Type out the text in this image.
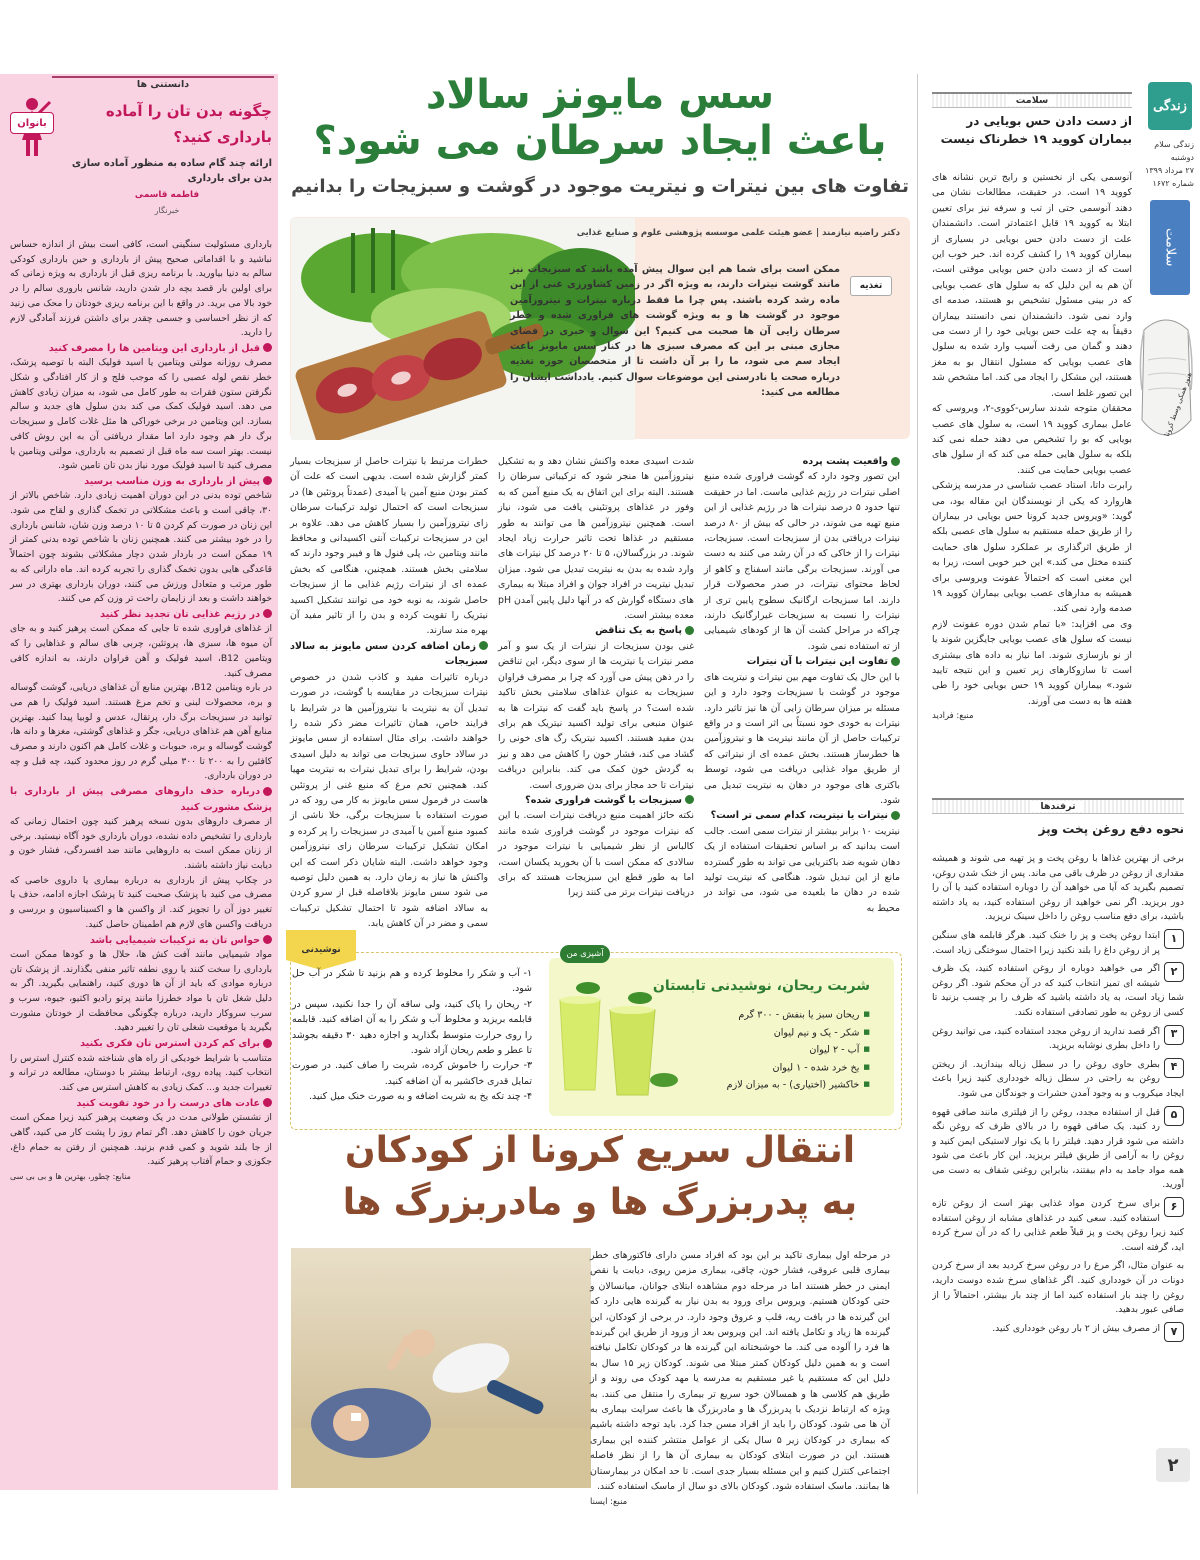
زندگی
زندگی سلام
دوشنبه
۲۷ مرداد ۱۳۹۹
شماره ۱۶۷۲
سلامت
هنوز همکی وسط کرونا
۲
سلامت
از دست دادن حس بویایی در بیماران کووید ۱۹ خطرناک نیست

آنوسمی یکی از نخستین و رایج ترین نشانه های کووید ۱۹ است. در حقیقت، مطالعات نشان می دهند آنوسمی حتی از تب و سرفه نیز برای تعیین ابتلا به کووید ۱۹ قابل اعتمادتر است. دانشمندان علت از دست دادن حس بویایی در بسیاری از بیماران کووید ۱۹ را کشف کرده اند. خبر خوب این است که از دست دادن حس بویایی موقتی است، آن هم به این دلیل که به سلول های عصب بویایی که در بینی مسئول تشخیص بو هستند، صدمه ای وارد نمی شود. دانشمندان نمی دانستند بیماران دقیقاً به چه علت حس بویایی خود را از دست می دهند و گمان می رفت آسیب وارد شده به سلول های عصب بویایی که مسئول انتقال بو به مغز هستند، این مشکل را ایجاد می کند. اما مشخص شد این تصور غلط است.

محققان متوجه شدند سارس-کووی-۲، ویروسی که عامل بیماری کووید ۱۹ است، به سلول های عصب بویایی که بو را تشخیص می دهند حمله نمی کند بلکه به سلول هایی حمله می کند که از سلول های عصب بویایی حمایت می کنند.

رابرت داتا، استاد عصب شناسی در مدرسه پزشکی هاروارد که یکی از نویسندگان این مقاله بود، می گوید: «ویروس جدید کرونا حس بویایی در بیماران را از طریق حمله مستقیم به سلول های عصبی بلکه از طریق اثرگذاری بر عملکرد سلول های حمایت کننده مختل می کند.» این خبر خوبی است، زیرا به این معنی است که احتمالاً عفونت ویروسی برای همیشه به مدارهای عصب بویایی بیماران کووید ۱۹ صدمه وارد نمی کند.

وی می افزاید: «با تمام شدن دوره عفونت لازم نیست که سلول های عصب بویایی جایگزین شوند یا از نو بازسازی شوند. اما نیاز به داده های بیشتری است تا سازوکارهای زیر تعیین و این نتیجه تایید شود.» بیماران کووید ۱۹ حس بویایی خود را طی هفته ها به دست می آورند.

منبع: فرادید

ترفندها
نحوه دفع روغن پخت وپز

برخی از بهترین غذاها با روغن پخت و پز تهیه می شوند و همیشه مقداری از روغن در ظرف باقی می ماند. پس از خنک شدن روغن، تصمیم بگیرید که آیا می خواهید آن را دوباره استفاده کنید یا آن را دور بریزید. اگر نمی خواهید از روغن استفاده کنید، به یاد داشته باشید، برای دفع مناسب روغن را داخل سینک نریزید.

۱
ابتدا روغن پخت و پز را خنک کنید. هرگز قابلمه های سنگین پر از روغن داغ را بلند نکنید زیرا احتمال سوختگی زیاد است.
۲
اگر می خواهید دوباره از روغن استفاده کنید، یک ظرف شیشه ای تمیز انتخاب کنید که در آن محکم شود. اگر روغن شما زیاد است، به یاد داشته باشید که ظرف را بر چسب بزنید تا کسی از روغن به طور تصادفی استفاده نکند.
۳
اگر قصد ندارید از روغن مجدد استفاده کنید، می توانید روغن را داخل بطری نوشابه بریزید.
۴
بطری حاوی روغن را در سطل زباله بیندازید. از ریختن روغن به راحتی در سطل زباله خودداری کنید زیرا باعث ایجاد میکروب و به وجود آمدن حشرات و جوندگان می شود.
۵
قبل از استفاده مجدد، روغن را از فیلتری مانند صافی قهوه رد کنید. یک صافی قهوه را در بالای ظرف که روغن نگه داشته می شود قرار دهید. فیلتر را با یک نوار لاستیکی ایمن کنید و روغن را به آرامی از طریق فیلتر بریزید. این کار باعث می شود همه مواد جامد به دام بیفتند، بنابراین روغنی شفاف به دست می آورید.
۶
برای سرخ کردن مواد غذایی بهتر است از روغن تازه استفاده کنید. سعی کنید در غذاهای مشابه از روغن استفاده کنید زیرا روغن پخت و پز قبلاً طعم غذایی را که در آن سرخ کرده اید، گرفته است.
به عنوان مثال، اگر مرغ را در روغن سرخ کردید بعد از سرخ کردن دونات در آن خودداری کنید. اگر غذاهای سرخ شده دوست دارید، روغن را چند بار استفاده کنید اما از چند بار بیشتر، احتمالاً را از صافی عبور بدهید.
۷
از مصرف بیش از ۲ بار روغن خودداری کنید.
سس مایونز سالاد
باعث ایجاد سرطان می شود؟
تفاوت های بین نیترات و نیتریت موجود در گوشت و سبزیجات را بدانیم
دکتر راضیه نیازمند | عضو هیئت علمی موسسه پژوهشی علوم و صنایع غذایی
تغذیه
ممکن است برای شما هم این سوال پیش آمده باشد که سبزیجات نیز مانند گوشت نیترات دارند، به ویژه اگر در زمین کشاورزی غنی از این ماده رشد کرده باشند. پس چرا ما فقط درباره نیترات و نیتروزآمین موجود در گوشت ها و به ویژه گوشت های فراوری شده و خطر سرطان زایی آن ها صحبت می کنیم؟ این سوال و خبری در فضای مجازی مبنی بر این که مصرف سبزی ها در کنار سس مایونز باعث ایجاد سم می شود، ما را بر آن داشت تا از متخصصان حوزه تغذیه درباره صحت یا نادرستی این موضوعات سوال کنیم. یادداشت ایشان را مطالعه می کنید:
واقعیت پشت پرده

این تصور وجود دارد که گوشت فراوری شده منبع اصلی نیترات در رژیم غذایی ماست. اما در حقیقت تنها حدود ۵ درصد نیترات ها در رژیم غذایی از این منبع تهیه می شوند، در حالی که بیش از ۸۰ درصد نیترات دریافتی بدن از سبزیجات است. سبزیجات، نیترات را از خاکی که در آن رشد می کنند به دست می آورند. سبزیجات برگی مانند اسفناج و کاهو از لحاظ محتوای نیترات، در صدر محصولات قرار دارند. اما سبزیجات ارگانیک سطوح پایین تری از نیترات را نسبت به سبزیجات غیرارگانیک دارند، چراکه در مراحل کشت آن ها از کودهای شیمیایی از ته استفاده نمی شود.

تفاوت این نیترات با آن نیترات

با این حال یک تفاوت مهم بین نیترات و نیتریت های موجود در گوشت با سبزیجات وجود دارد و این مسئله بر میزان سرطان زایی آن ها نیز تاثیر دارد. نیترات به خودی خود نسبتاً بی اثر است و در واقع ترکیبات حاصل از آن مانند نیتریت ها و نیتروزآمین ها خطرساز هستند. بخش عمده ای از نیتراتی که از طریق مواد غذایی دریافت می شود، توسط باکتری های موجود در دهان به نیتریت تبدیل می شود.

نیترات یا نیتریت، کدام سمی تر است؟

نیتریت ۱۰ برابر بیشتر از نیترات سمی است. جالب است بدانید که بر اساس تحقیقات استفاده از یک دهان شویه ضد باکتریایی می تواند به طور گسترده مانع از این تبدیل شود. هنگامی که نیتریت تولید شده در دهان ما بلعیده می شود، می تواند در محیط به

شدت اسیدی معده واکنش نشان دهد و به تشکیل نیتروزآمین ها منجر شود که ترکیباتی سرطان زا هستند. البته برای این اتفاق به یک منبع آمین که به وفور در غذاهای پروتئینی یافت می شود، نیاز است. همچنین نیتروزآمین ها می توانند به طور مستقیم در غذاها تحت تاثیر حرارت زیاد ایجاد شوند. در بزرگسالان، ۵ تا ۲۰ درصد کل نیترات های وارد شده به بدن به نیتریت تبدیل می شود. میزان تبدیل نیتریت در افراد جوان و افراد مبتلا به بیماری های دستگاه گوارش که در آنها دلیل پایین آمدن pH معده بیشتر است.

پاسخ به یک تناقض

غنی بودن سبزیجات از نیترات از یک سو و آمر مصر نیترات یا نیتریت ها از سوی دیگر، این تناقض را در ذهن پیش می آورد که چرا بر مصرف فراوان سبزیجات به عنوان غذاهای سلامتی بخش تاکید شده است؟ در پاسخ باید گفت که نیترات ها به عنوان منبعی برای تولید اکسید نیتریک هم برای بدن مفید هستند. اکسید نیتریک رگ های خونی را گشاد می کند، فشار خون را کاهش می دهد و نیز به گردش خون کمک می کند. بنابراین دریافت نیترات تا حد مجاز برای بدن ضروری است.

سبزیجات یا گوشت فراوری شده؟

نکته حائز اهمیت منبع دریافت نیترات است. با این که نیترات موجود در گوشت فراوری شده مانند کالباس از نظر شیمیایی با نیترات موجود در سالادی که ممکن است با آن بخورید یکسان است، اما به طور قطع این سبزیجات هستند که برای دریافت نیترات برتر می کنند زیرا

خطرات مرتبط با نیترات حاصل از سبزیجات بسیار کمتر گزارش شده است. بدیهی است که علت آن کمتر بودن منبع آمین یا آمیدی (عمدتاً پروتئین ها) در سبزیجات است که احتمال تولید ترکیبات سرطان زای نیتروزآمین را بسیار کاهش می دهد. علاوه بر این در سبزیجات ترکیبات آنتی اکسیدانی و محافظ مانند ویتامین ث، پلی فنول ها و فیبر وجود دارند که سلامتی بخش هستند. همچنین، هنگامی که بخش عمده ای از نیترات رژیم غذایی ما از سبزیجات حاصل شوند، به نوبه خود می توانند تشکیل اکسید نیتریک را تقویت کرده و بدن را از تاثیر مفید آن بهره مند سازند.

زمان اضافه کردن سس مایونز به سالاد سبزیجات

درباره تاثیرات مفید و کاذب شدن در خصوص نیترات سبزیجات در مقایسه با گوشت، در صورت تبدیل آن به نیتریت با نیتروزآمین ها در شرایط با فرایند خاص، همان تاثیرات مضر ذکر شده را خواهند داشت. برای مثال استفاده از سس مایونز در سالاد حاوی سبزیجات می تواند به دلیل اسیدی بودن، شرایط را برای تبدیل نیترات به نیتریت مهیا کند. همچنین تخم مرغ که منبع غنی از پروتئین هاست در فرمول سس مایونز به کار می رود که در صورت استفاده با سبزیجات برگی، خلا ناشی از کمبود منبع آمین یا آمیدی در سبزیجات را پر کرده و امکان تشکیل ترکیبات سرطان زای نیتروزآمین وجود خواهد داشت. البته شایان ذکر است که این واکنش ها نیاز به زمان دارد. به همین دلیل توصیه می شود سس مایونز بلافاصله قبل از سرو کردن به سالاد اضافه شود تا احتمال تشکیل ترکیبات سمی و مضر در آن کاهش یابد.

نوشیدنی	آشپزی من
شربت ریحان، نوشیدنی تابستان
■ ریحان سبز یا بنفش - ۳۰۰ گرم
■ شکر - یک و نیم لیوان
■ آب - ۲ لیوان
■ یخ خرد شده - ۱ لیوان
■ خاکشیر (اختیاری) - به میزان لازم

۱- آب و شکر را مخلوط کرده و هم بزنید تا شکر در آب حل شود.

۲- ریحان را پاک کنید، ولی ساقه آن را جدا نکنید، سپس در قابلمه بریزید و مخلوط آب و شکر را به آن اضافه کنید. قابلمه را روی حرارت متوسط بگذارید و اجازه دهید ۳۰ دقیقه بجوشد تا عطر و طعم ریحان آزاد شود.

۳- حرارت را خاموش کرده، شربت را صاف کنید. در صورت تمایل قدری خاکشیر به آن اضافه کنید.

۴- چند تکه یخ به شربت اضافه و به صورت خنک میل کنید.

انتقال سریع کرونا از کودکان
به پدربزرگ ها و مادربزرگ ها

در مرحله اول بیماری تاکید بر این بود که افراد مسن دارای فاکتورهای خطر بیماری قلبی عروقی، فشار خون، چاقی، بیماری مزمن ریوی، دیابت یا نقص ایمنی در خطر هستند اما در مرحله دوم مشاهده ابتلای جوانان، میانسالان و حتی کودکان هستیم. ویروس برای ورود به بدن نیاز به گیرنده هایی دارد که این گیرنده ها در بافت ریه، قلب و عروق وجود دارد. در برخی از کودکان، این گیرنده ها زیاد و تکامل یافته اند. این ویروس بعد از ورود از طریق این گیرنده ها فرد را آلوده می کند. ما خوشبختانه این گیرنده ها در کودکان تکامل نیافته است و به همین دلیل کودکان کمتر مبتلا می شوند. کودکان زیر ۱۵ سال به دلیل این که مستقیم یا غیر مستقیم به مدرسه یا مهد کودک می روند و از طریق هم کلاسی ها و همسالان خود سریع تر بیماری را منتقل می کنند. به ویژه که ارتباط نزدیک با پدربزرگ ها و مادربزرگ ها باعث سرایت بیماری به آن ها می شود. کودکان را باید از افراد مسن جدا کرد. باید توجه داشته باشیم که بیماری در کودکان زیر ۵ سال یکی از عوامل منتشر کننده این بیماری هستند. این در صورت ابتلای کودکان به بیماری آن ها را از نظر فاصله اجتماعی کنترل کنیم و این مسئله بسیار جدی است. تا حد امکان در بیمارستان ها بمانند. ماسک استفاده شود. کودکان بالای دو سال از ماسک استفاده کنند.

منبع: ایسنا

دانستنی ها
بانوان
چگونه بدن تان را آماده بارداری کنید؟
ارائه چند گام ساده به منظور آماده سازی بدن برای بارداری
فاطمه قاسمی
خبرنگار

بارداری مسئولیت سنگینی است، کافی است بیش از اندازه حساس نباشید و با اقداماتی صحیح پیش از بارداری و حین بارداری کودکی سالم به دنیا بیاورید. با برنامه ریزی قبل از بارداری به ویژه زمانی که برای اولین بار قصد بچه دار شدن دارید، شانس باروری سالم را در خود بالا می برید. در واقع با این برنامه ریزی خودتان را محک می زنید که از نظر احساسی و جسمی چقدر برای داشتن فرزند آمادگی لازم را دارید.

قبل از بارداری این ویتامین ها را مصرف کنید

مصرف روزانه مولتی ویتامین یا اسید فولیک البته با توصیه پزشک، خطر نقص لوله عصبی را که موجب فلج و از کار افتادگی و شکل نگرفتن ستون فقرات به طور کامل می شود، به میزان زیادی کاهش می دهد. اسید فولیک کمک می کند بدن سلول های جدید و سالم بسازد. این ویتامین در برخی خوراکی ها مثل غلات کامل و سبزیجات برگ دار هم وجود دارد اما مقدار دریافتی آن به این روش کافی نیست. بهتر است سه ماه قبل از تصمیم به بارداری، مولتی ویتامین یا مصرف کنید تا اسید فولیک مورد نیاز بدن تان تامین شود.

پیش از بارداری به وزن مناسب برسید

شاخص توده بدنی در این دوران اهمیت زیادی دارد. شاخص بالاتر از ۳۰، چاقی است و باعث مشکلاتی در تخمک گذاری و لقاح می شود. این زنان در صورت کم کردن ۵ تا ۱۰ درصد وزن شان، شانس بارداری را در خود بیشتر می کنند. همچنین زنان با شاخص توده بدنی کمتر از ۱۹ ممکن است در باردار شدن دچار مشکلاتی بشوند چون احتمالاً قاعدگی هایی بدون تخمک گذاری را تجربه کرده اند. ماه دارانی که به طور مرتب و متعادل ورزش می کنند، دوران بارداری بهتری در سر خواهند داشت و بعد از زایمان راحت تر وزن کم می کنند.

در رژیم غذایی تان تجدید نظر کنید

از غذاهای فراوری شده تا جایی که ممکن است پرهیز کنید و به جای آن میوه ها، سبزی ها، پروتئین، چربی های سالم و غذاهایی را که ویتامین B12، اسید فولیک و آهن فراوان دارند، به اندازه کافی مصرف کنید.

در باره ویتامین B12، بهترین منابع آن غذاهای دریایی، گوشت گوساله و بره، محصولات لبنی و تخم مرغ هستند. اسید فولیک را هم می توانید در سبزیجات برگ دار، پرتقال، عدس و لوبیا پیدا کنید. بهترین منابع آهن هم غذاهای دریایی، جگر و غذاهای گوشتی، مغزها و دانه ها، گوشت گوساله و بره، حبوبات و غلات کامل هم اکنون دارند و مصرف کافئین را به ۲۰۰ تا ۳۰۰ میلی گرم در روز محدود کنید، چه قبل و چه در دوران بارداری.

درباره حذف داروهای مصرفی پیش از بارداری با پزشک مشورت کنید

از مصرف داروهای بدون نسخه پرهیز کنید چون احتمال زمانی که بارداری را تشخیص داده نشده، دوران بارداری خود آگاه نیستید. برخی از زنان ممکن است به داروهایی مانند ضد افسردگی، فشار خون و دیابت نیاز داشته باشند.

در چکاپ پیش از بارداری به درباره بیماری یا داروی خاصی که مصرف می کنید با پزشک صحبت کنید تا پزشک اجازه ادامه، حذف یا تغییر دوز آن را تجویز کند. از واکسن ها و اکسیناسیون و بررسی و دریافت واکسن های لازم هم اطمینان حاصل کنید.

حواس تان به ترکیبات شیمیایی باشد

مواد شیمیایی مانند آفت کش ها، حلال ها و کودها ممکن است بارداری را سخت کنند یا روی نطفه تاثیر منفی بگذارند. از پزشک تان درباره موادی که باید از آن ها دوری کنید، راهنمایی بگیرید. اگر به دلیل شغل تان با مواد خطرزا مانند پرتو رادیو اکتیو، جیوه، سرب و سرب سروکار دارید، درباره چگونگی محافظت از خودتان مشورت بگیرید یا موقعیت شغلی تان را تغییر دهید.

برای کم کردن استرس تان فکری بکنید

متناسب با شرایط خودیکی از راه های شناخته شده کنترل استرس را انتخاب کنید. پیاده روی، ارتباط بیشتر با دوستان، مطالعه در ترانه و تغییرات جدید و... کمک زیادی به کاهش استرس می کند.

عادت های درست را در خود تقویت کنید

از نشستن طولانی مدت در یک وضعیت پرهیز کنید زیرا ممکن است جریان خون را کاهش دهد. اگر تمام روز را پشت کار می کنید، گاهی از جا بلند شوید و کمی قدم بزنید. همچنین از رفتن به حمام داغ، جکوزی و حمام آفتاب پرهیز کنید.

منابع: چطور، بهترین ها و بی بی سی
